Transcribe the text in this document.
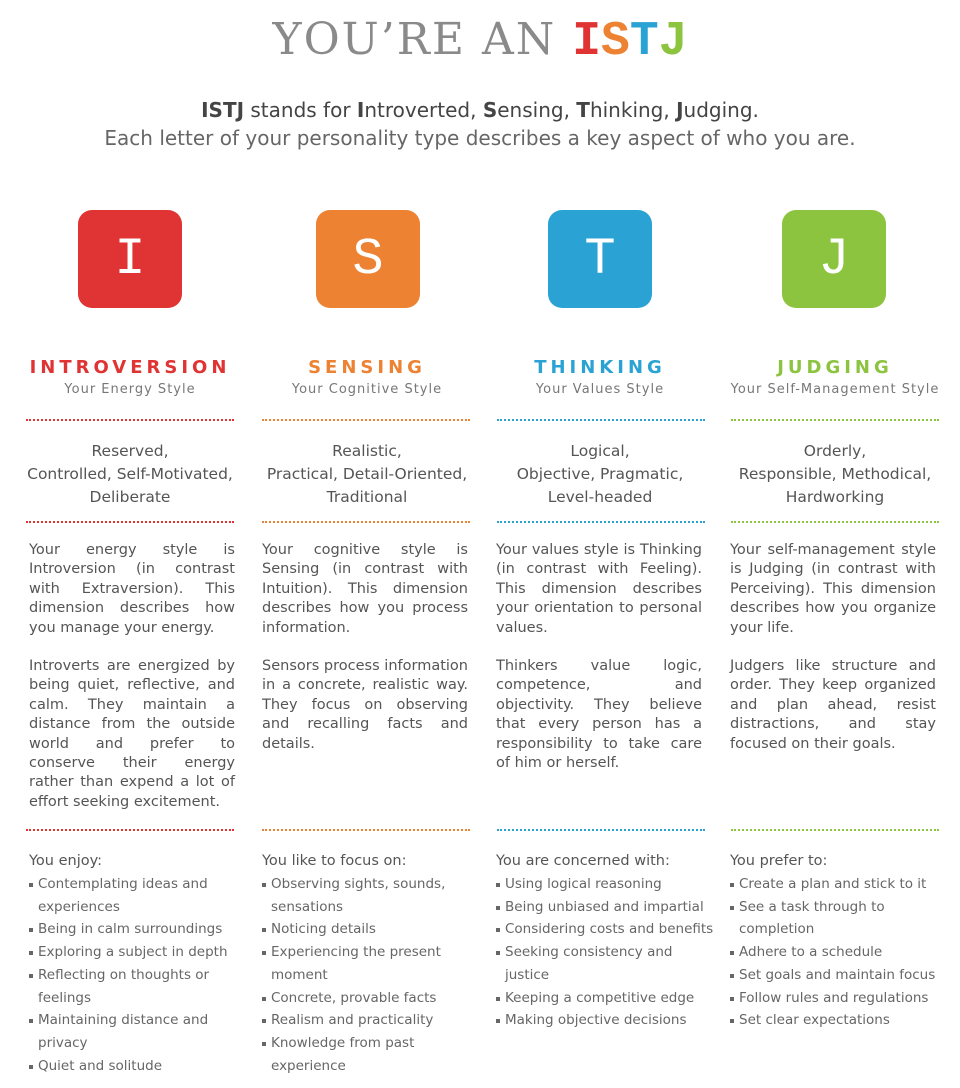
YOU’RE AN ISTJ
ISTJ stands for Introverted, Sensing, Thinking, Judging.
Each letter of your personality type describes a key aspect of who you are.
I
INTROVERSION
Your Energy Style
Reserved,
Controlled, Self-Motivated,
Deliberate

Your energy style is Introversion (in contrast with Extraversion). This dimension describes how you manage your energy.

Introverts are energized by being quiet, reflective, and calm. They maintain a distance from the outside world and prefer to conserve their energy rather than expend a lot of effort seeking excitement.

You enjoy:
Contemplating ideas and experiences
Being in calm surroundings
Exploring a subject in depth
Reflecting on thoughts or feelings
Maintaining distance and privacy
Quiet and solitude
S
SENSING
Your Cognitive Style
Realistic,
Practical, Detail-Oriented,
Traditional

Your cognitive style is Sensing (in contrast with Intuition). This dimension describes how you process information.

Sensors process information in a concrete, realistic way. They focus on observing and recalling facts and details.

You like to focus on:
Observing sights, sounds, sensations
Noticing details
Experiencing the present moment
Concrete, provable facts
Realism and practicality
Knowledge from past experience
T
THINKING
Your Values Style
Logical,
Objective, Pragmatic,
Level-headed

Your values style is Thinking (in contrast with Feeling). This dimension describes your orientation to personal values.

Thinkers value logic, competence, and objectivity. They believe that every person has a responsibility to take care of him or herself.

You are concerned with:
Using logical reasoning
Being unbiased and impartial
Considering costs and benefits
Seeking consistency and justice
Keeping a competitive edge
Making objective decisions
J
JUDGING
Your Self-Management Style
Orderly,
Responsible, Methodical,
Hardworking

Your self-management style is Judging (in contrast with Perceiving). This dimension describes how you organize your life.

Judgers like structure and order. They keep organized and plan ahead, resist distractions, and stay focused on their goals.

You prefer to:
Create a plan and stick to it
See a task through to completion
Adhere to a schedule
Set goals and maintain focus
Follow rules and regulations
Set clear expectations
